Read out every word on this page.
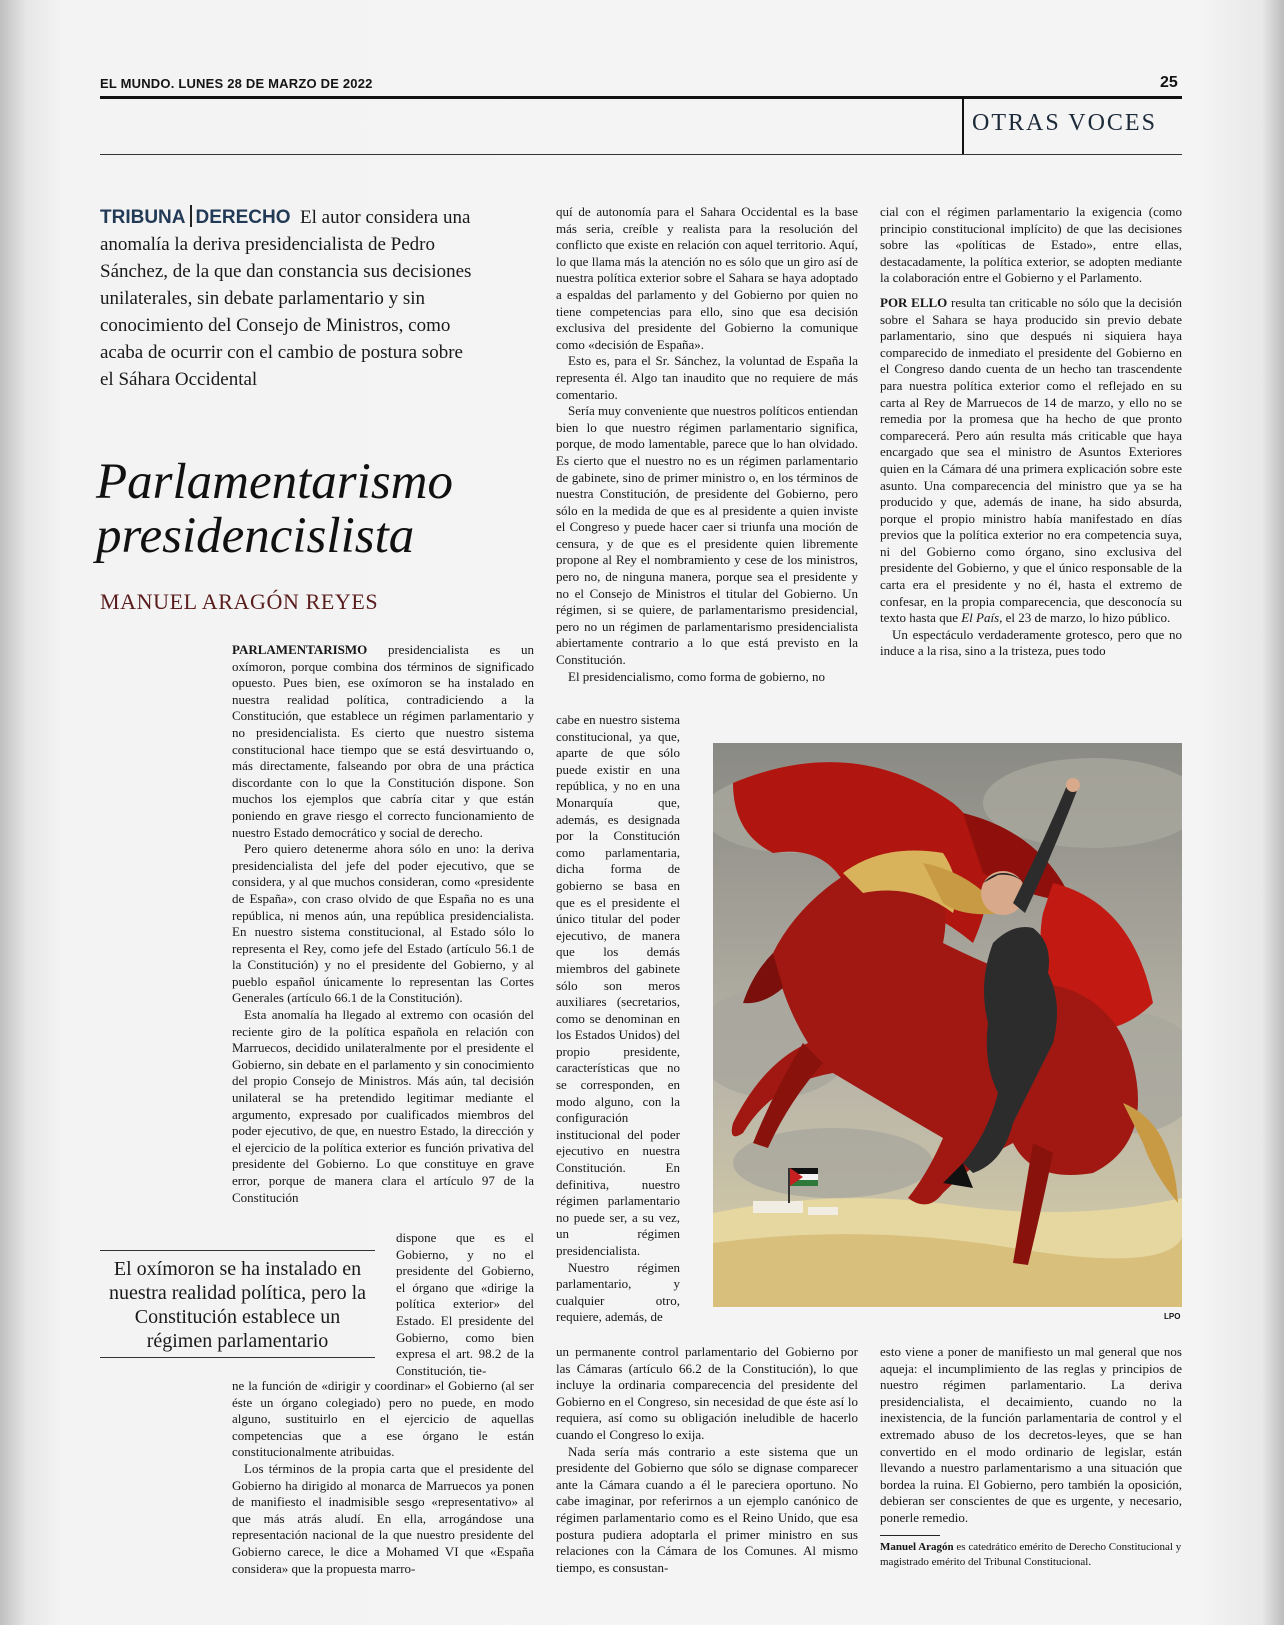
EL MUNDO. LUNES 28 DE MARZO DE 2022	25
OTRAS VOCES
TRIBUNA DERECHO El autor considera una anomalía la deriva presidencialista de Pedro Sánchez, de la que dan constancia sus decisiones unilaterales, sin debate parlamentario y sin conocimiento del Consejo de Ministros, como acaba de ocurrir con el cambio de postura sobre el Sáhara Occidental
Parlamentarismo
presidencislista
MANUEL ARAGÓN REYES

PARLAMENTARISMO presidencialista es un oxímoron, porque combina dos términos de significado opuesto. Pues bien, ese oxímoron se ha instalado en nuestra realidad política, contradiciendo a la Constitución, que establece un régimen parlamentario y no presidencialista. Es cierto que nuestro sistema constitucional hace tiempo que se está desvirtuando o, más directamente, falseando por obra de una práctica discordante con lo que la Constitución dispone. Son muchos los ejemplos que cabría citar y que están poniendo en grave riesgo el correcto funcionamiento de nuestro Estado democrático y social de derecho.

Pero quiero detenerme ahora sólo en uno: la deriva presidencialista del jefe del poder ejecutivo, que se considera, y al que muchos consideran, como «presidente de España», con craso olvido de que España no es una república, ni menos aún, una república presidencialista. En nuestro sistema constitucional, al Estado sólo lo representa el Rey, como jefe del Estado (artículo 56.1 de la Constitución) y no el presidente del Gobierno, y al pueblo español únicamente lo representan las Cortes Generales (artículo 66.1 de la Constitución).

Esta anomalía ha llegado al extremo con ocasión del reciente giro de la política española en relación con Marruecos, decidido unilateralmente por el presidente el Gobierno, sin debate en el parlamento y sin conocimiento del propio Consejo de Ministros. Más aún, tal decisión unilateral se ha pretendido legitimar mediante el argumento, expresado por cualificados miembros del poder ejecutivo, de que, en nuestro Estado, la dirección y el ejercicio de la política exterior es función privativa del presidente del Gobierno. Lo que constituye en grave error, porque de manera clara el artículo 97 de la Constitución

dispone que es el Gobierno, y no el presidente del Gobierno, el órgano que «dirige la política exterior» del Estado. El presidente del Gobierno, como bien expresa el art. 98.2 de la Constitución, tie-

ne la función de «dirigir y coordinar» el Gobierno (al ser éste un órgano colegiado) pero no puede, en modo alguno, sustituirlo en el ejercicio de aquellas competencias que a ese órgano le están constitucionalmente atribuidas.

Los términos de la propia carta que el presidente del Gobierno ha dirigido al monarca de Marruecos ya ponen de manifiesto el inadmisible sesgo «representativo» al que más atrás aludí. En ella, arrogándose una representación nacional de la que nuestro presidente del Gobierno carece, le dice a Mohamed VI que «España considera» que la propuesta marro-

El oxímoron se ha instalado en nuestra realidad política, pero la Constitución establece un régimen parlamentario

quí de autonomía para el Sahara Occidental es la base más seria, creíble y realista para la resolución del conflicto que existe en relación con aquel territorio. Aquí, lo que llama más la atención no es sólo que un giro así de nuestra política exterior sobre el Sahara se haya adoptado a espaldas del parlamento y del Gobierno por quien no tiene competencias para ello, sino que esa decisión exclusiva del presidente del Gobierno la comunique como «decisión de España».

Esto es, para el Sr. Sánchez, la voluntad de España la representa él. Algo tan inaudito que no requiere de más comentario.

Sería muy conveniente que nuestros políticos entiendan bien lo que nuestro régimen parlamentario significa, porque, de modo lamentable, parece que lo han olvidado. Es cierto que el nuestro no es un régimen parlamentario de gabinete, sino de primer ministro o, en los términos de nuestra Constitución, de presidente del Gobierno, pero sólo en la medida de que es al presidente a quien inviste el Congreso y puede hacer caer si triunfa una moción de censura, y de que es el presidente quien libremente propone al Rey el nombramiento y cese de los ministros, pero no, de ninguna manera, porque sea el presidente y no el Consejo de Ministros el titular del Gobierno. Un régimen, si se quiere, de parlamentarismo presidencial, pero no un régimen de parlamentarismo presidencialista abiertamente contrario a lo que está previsto en la Constitución.

El presidencialismo, como forma de gobierno, no

cabe en nuestro sistema constitucional, ya que, aparte de que sólo puede existir en una república, y no en una Monarquía que, además, es designada por la Constitución como parlamentaria, dicha forma de gobierno se basa en que es el presidente el único titular del poder ejecutivo, de manera que los demás miembros del gabinete sólo son meros auxiliares (secretarios, como se denominan en los Estados Unidos) del propio presidente, características que no se corresponden, en modo alguno, con la configuración institucional del poder ejecutivo en nuestra Constitución. En definitiva, nuestro régimen parlamentario no puede ser, a su vez, un régimen presidencialista.

Nuestro régimen parlamentario, y cualquier otro, requiere, además, de

un permanente control parlamentario del Gobierno por las Cámaras (artículo 66.2 de la Constitución), lo que incluye la ordinaria comparecencia del presidente del Gobierno en el Congreso, sin necesidad de que éste así lo requiera, así como su obligación ineludible de hacerlo cuando el Congreso lo exija.

Nada sería más contrario a este sistema que un presidente del Gobierno que sólo se dignase comparecer ante la Cámara cuando a él le pareciera oportuno. No cabe imaginar, por referirnos a un ejemplo canónico de régimen parlamentario como es el Reino Unido, que esa postura pudiera adoptarla el primer ministro en sus relaciones con la Cámara de los Comunes. Al mismo tiempo, es consustan-

cial con el régimen parlamentario la exigencia (como principio constitucional implícito) de que las decisiones sobre las «políticas de Estado», entre ellas, destacadamente, la política exterior, se adopten mediante la colaboración entre el Gobierno y el Parlamento.

POR ELLO resulta tan criticable no sólo que la decisión sobre el Sahara se haya producido sin previo debate parlamentario, sino que después ni siquiera haya comparecido de inmediato el presidente del Gobierno en el Congreso dando cuenta de un hecho tan trascendente para nuestra política exterior como el reflejado en su carta al Rey de Marruecos de 14 de marzo, y ello no se remedia por la promesa que ha hecho de que pronto comparecerá. Pero aún resulta más criticable que haya encargado que sea el ministro de Asuntos Exteriores quien en la Cámara dé una primera explicación sobre este asunto. Una comparecencia del ministro que ya se ha producido y que, además de inane, ha sido absurda, porque el propio ministro había manifestado en días previos que la política exterior no era competencia suya, ni del Gobierno como órgano, sino exclusiva del presidente del Gobierno, y que el único responsable de la carta era el presidente y no él, hasta el extremo de confesar, en la propia comparecencia, que desconocía su texto hasta que El País, el 23 de marzo, lo hizo público.

Un espectáculo verdaderamente grotesco, pero que no induce a la risa, sino a la tristeza, pues todo

esto viene a poner de manifiesto un mal general que nos aqueja: el incumplimiento de las reglas y principios de nuestro régimen parlamentario. La deriva presidencialista, el decaimiento, cuando no la inexistencia, de la función parlamentaria de control y el extremado abuso de los decretos-leyes, que se han convertido en el modo ordinario de legislar, están llevando a nuestro parlamentarismo a una situación que bordea la ruina. El Gobierno, pero también la oposición, debieran ser conscientes de que es urgente, y necesario, ponerle remedio.

LPO
Manuel Aragón es catedrático emérito de Derecho Constitucional y magistrado emérito del Tribunal Constitucional.
